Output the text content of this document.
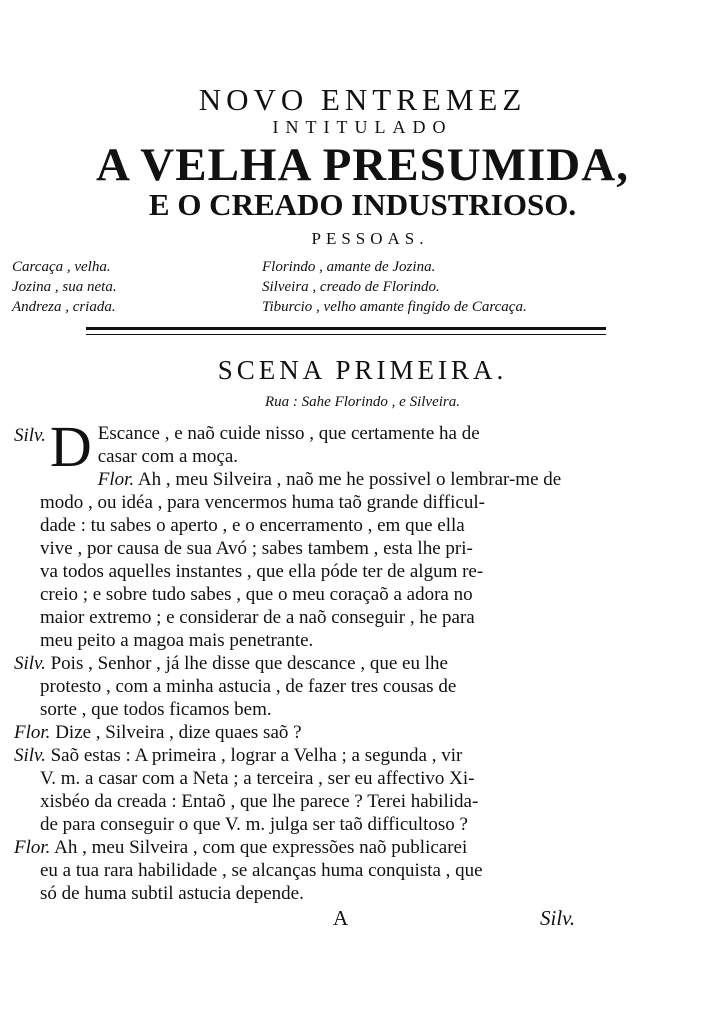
NOVO ENTREMEZ
INTITULADO
A VELHA PRESUMIDA,
E O CREADO INDUSTRIOSO.
PESSOAS.
Carcaça , velha.
Jozina , sua neta.
Andreza , criada.
Florindo , amante de Jozina.
Silveira , creado de Florindo.
Tiburcio , velho amante fingido de Carcaça.
SCENA PRIMEIRA.
Rua : Sahe Florindo , e Silveira.
Silv. D Escance , e naõ cuide nisso , que certamente ha de
casar com a moça.
Flor. Ah , meu Silveira , naõ me he possivel o lembrar-me de
modo , ou idéa , para vencermos huma taõ grande difficul-
dade : tu sabes o aperto , e o encerramento , em que ella
vive , por causa de sua Avó ; sabes tambem , esta lhe pri-
va todos aquelles instantes , que ella póde ter de algum re-
creio ; e sobre tudo sabes , que o meu coraçaõ a adora no
maior extremo ; e considerar de a naõ conseguir , he para
meu peito a magoa mais penetrante.
Silv. Pois , Senhor , já lhe disse que descance , que eu lhe
protesto , com a minha astucia , de fazer tres cousas de
sorte , que todos ficamos bem.
Flor. Dize , Silveira , dize quaes saõ ?
Silv. Saõ estas : A primeira , lograr a Velha ; a segunda , vir
V. m. a casar com a Neta ; a terceira , ser eu affectivo Xi-
xisbéo da creada : Entaõ , que lhe parece ? Terei habilida-
de para conseguir o que V. m. julga ser taõ difficultoso ?
Flor. Ah , meu Silveira , com que expressões naõ publicarei
eu a tua rara habilidade , se alcanças huma conquista , que
só de huma subtil astucia depende.
A	Silv.
